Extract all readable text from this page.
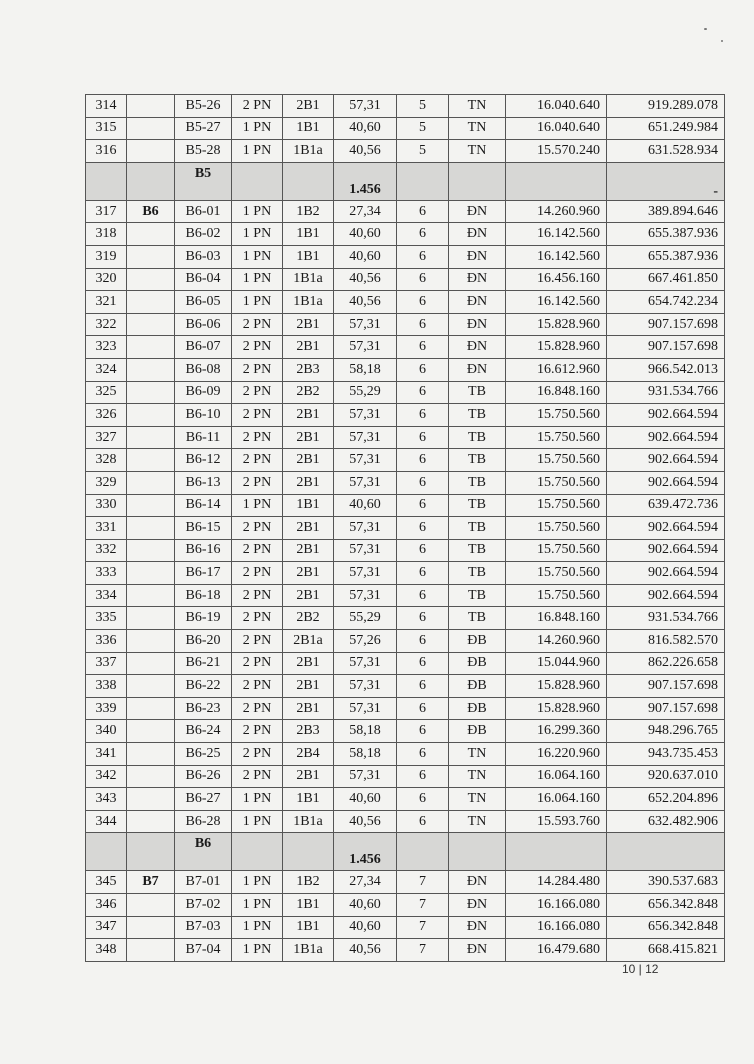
314		B5-26	2 PN	2B1	57,31	5	TN	16.040.640	919.289.078
315		B5-27	1 PN	1B1	40,60	5	TN	16.040.640	651.249.984
316		B5-28	1 PN	1B1a	40,56	5	TN	15.570.240	631.528.934
		B5			1.456				-
317	B6	B6-01	1 PN	1B2	27,34	6	ĐN	14.260.960	389.894.646
318		B6-02	1 PN	1B1	40,60	6	ĐN	16.142.560	655.387.936
319		B6-03	1 PN	1B1	40,60	6	ĐN	16.142.560	655.387.936
320		B6-04	1 PN	1B1a	40,56	6	ĐN	16.456.160	667.461.850
321		B6-05	1 PN	1B1a	40,56	6	ĐN	16.142.560	654.742.234
322		B6-06	2 PN	2B1	57,31	6	ĐN	15.828.960	907.157.698
323		B6-07	2 PN	2B1	57,31	6	ĐN	15.828.960	907.157.698
324		B6-08	2 PN	2B3	58,18	6	ĐN	16.612.960	966.542.013
325		B6-09	2 PN	2B2	55,29	6	TB	16.848.160	931.534.766
326		B6-10	2 PN	2B1	57,31	6	TB	15.750.560	902.664.594
327		B6-11	2 PN	2B1	57,31	6	TB	15.750.560	902.664.594
328		B6-12	2 PN	2B1	57,31	6	TB	15.750.560	902.664.594
329		B6-13	2 PN	2B1	57,31	6	TB	15.750.560	902.664.594
330		B6-14	1 PN	1B1	40,60	6	TB	15.750.560	639.472.736
331		B6-15	2 PN	2B1	57,31	6	TB	15.750.560	902.664.594
332		B6-16	2 PN	2B1	57,31	6	TB	15.750.560	902.664.594
333		B6-17	2 PN	2B1	57,31	6	TB	15.750.560	902.664.594
334		B6-18	2 PN	2B1	57,31	6	TB	15.750.560	902.664.594
335		B6-19	2 PN	2B2	55,29	6	TB	16.848.160	931.534.766
336		B6-20	2 PN	2B1a	57,26	6	ĐB	14.260.960	816.582.570
337		B6-21	2 PN	2B1	57,31	6	ĐB	15.044.960	862.226.658
338		B6-22	2 PN	2B1	57,31	6	ĐB	15.828.960	907.157.698
339		B6-23	2 PN	2B1	57,31	6	ĐB	15.828.960	907.157.698
340		B6-24	2 PN	2B3	58,18	6	ĐB	16.299.360	948.296.765
341		B6-25	2 PN	2B4	58,18	6	TN	16.220.960	943.735.453
342		B6-26	2 PN	2B1	57,31	6	TN	16.064.160	920.637.010
343		B6-27	1 PN	1B1	40,60	6	TN	16.064.160	652.204.896
344		B6-28	1 PN	1B1a	40,56	6	TN	15.593.760	632.482.906
		B6			1.456				
345	B7	B7-01	1 PN	1B2	27,34	7	ĐN	14.284.480	390.537.683
346		B7-02	1 PN	1B1	40,60	7	ĐN	16.166.080	656.342.848
347		B7-03	1 PN	1B1	40,60	7	ĐN	16.166.080	656.342.848
348		B7-04	1 PN	1B1a	40,56	7	ĐN	16.479.680	668.415.821
10 | 12
